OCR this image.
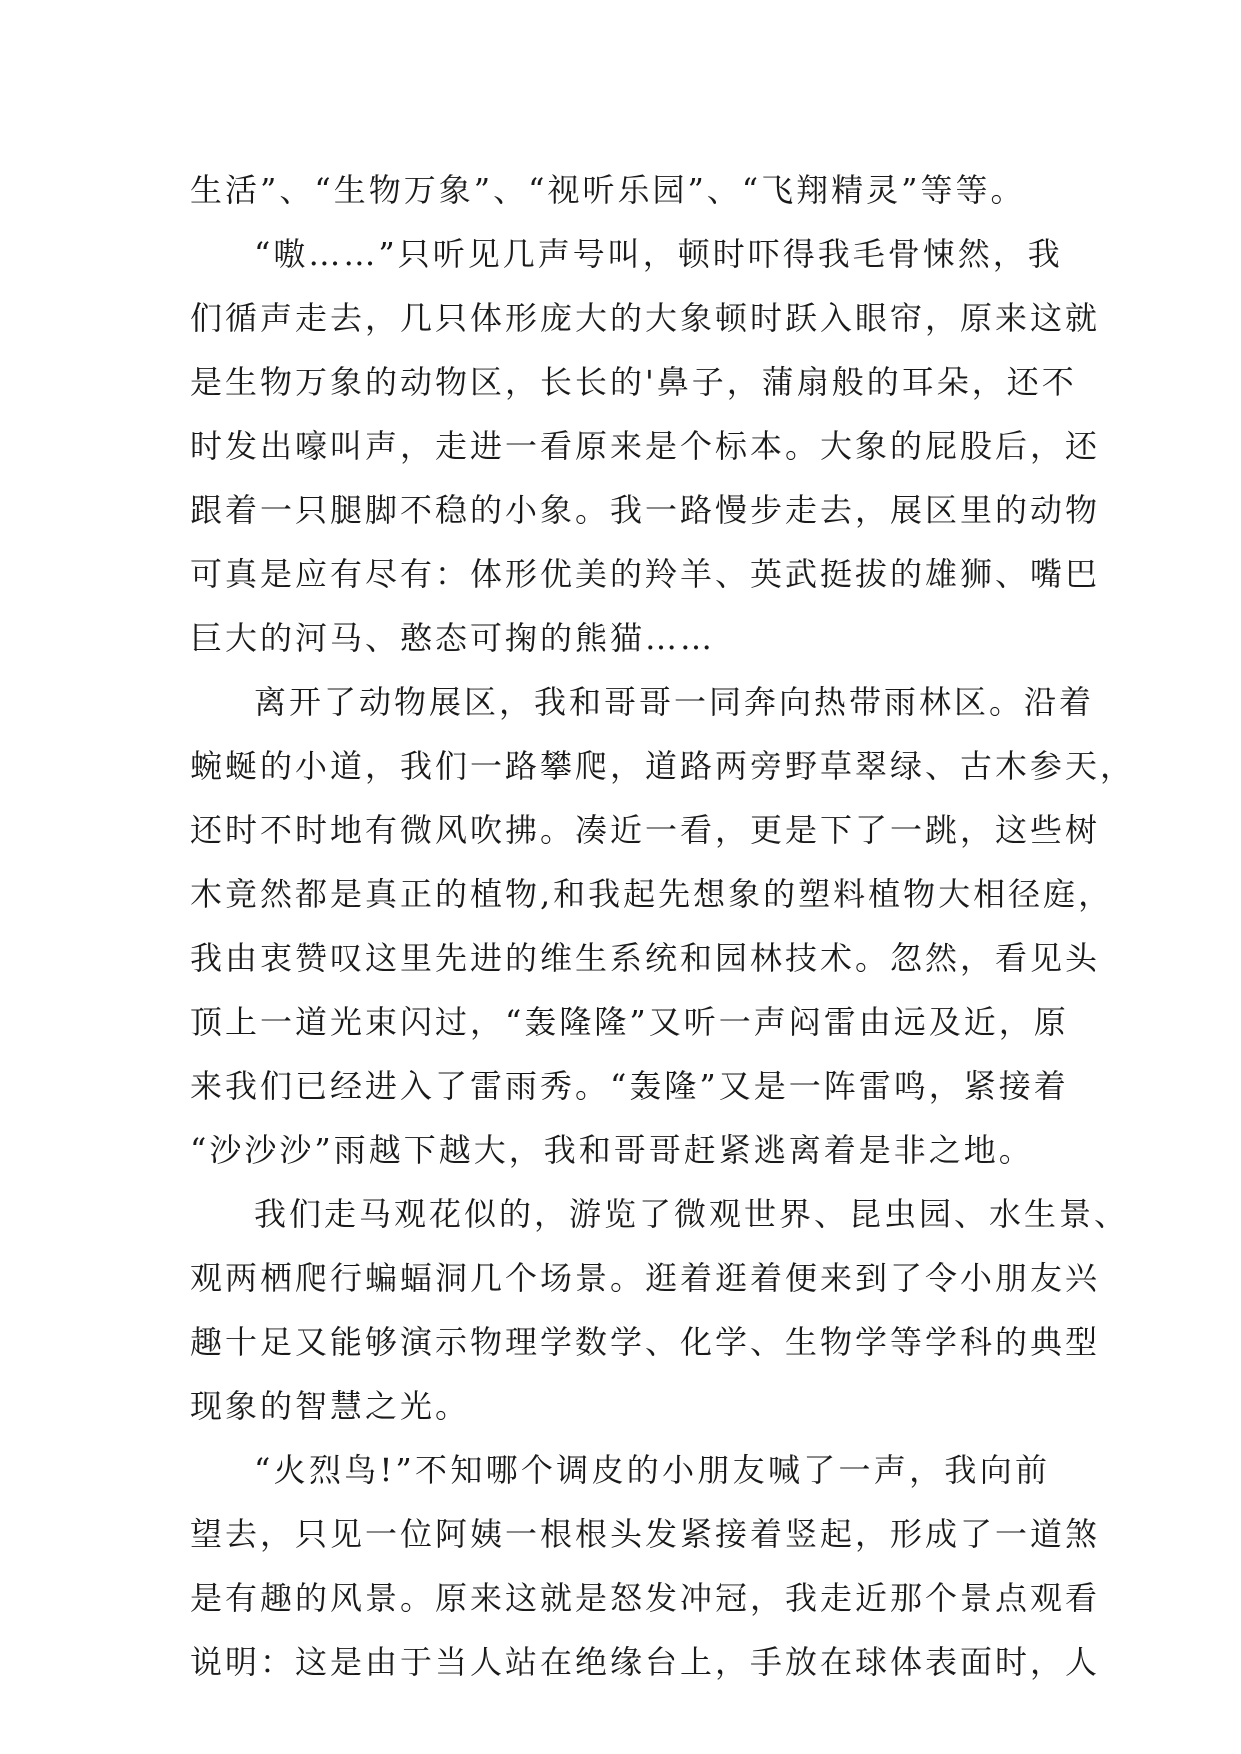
生活”、“生物万象”、“视听乐园”、“飞翔精灵”等等。
“嗷……”只听见几声号叫，顿时吓得我毛骨悚然，我
们循声走去，几只体形庞大的大象顿时跃入眼帘，原来这就
是生物万象的动物区，长长的'鼻子，蒲扇般的耳朵，还不
时发出嚎叫声，走进一看原来是个标本。大象的屁股后，还
跟着一只腿脚不稳的小象。我一路慢步走去，展区里的动物
可真是应有尽有：体形优美的羚羊、英武挺拔的雄狮、嘴巴
巨大的河马、憨态可掬的熊猫……
离开了动物展区，我和哥哥一同奔向热带雨林区。沿着
蜿蜒的小道，我们一路攀爬，道路两旁野草翠绿、古木参天，
还时不时地有微风吹拂。凑近一看，更是下了一跳，这些树
木竟然都是真正的植物,和我起先想象的塑料植物大相径庭，
我由衷赞叹这里先进的维生系统和园林技术。忽然，看见头
顶上一道光束闪过，“轰隆隆”又听一声闷雷由远及近，原
来我们已经进入了雷雨秀。“轰隆”又是一阵雷鸣，紧接着
“沙沙沙”雨越下越大，我和哥哥赶紧逃离着是非之地。
我们走马观花似的，游览了微观世界、昆虫园、水生景、
观两栖爬行蝙蝠洞几个场景。逛着逛着便来到了令小朋友兴
趣十足又能够演示物理学数学、化学、生物学等学科的典型
现象的智慧之光。
“火烈鸟!”不知哪个调皮的小朋友喊了一声，我向前
望去，只见一位阿姨一根根头发紧接着竖起，形成了一道煞
是有趣的风景。原来这就是怒发冲冠，我走近那个景点观看
说明：这是由于当人站在绝缘台上，手放在球体表面时，人
